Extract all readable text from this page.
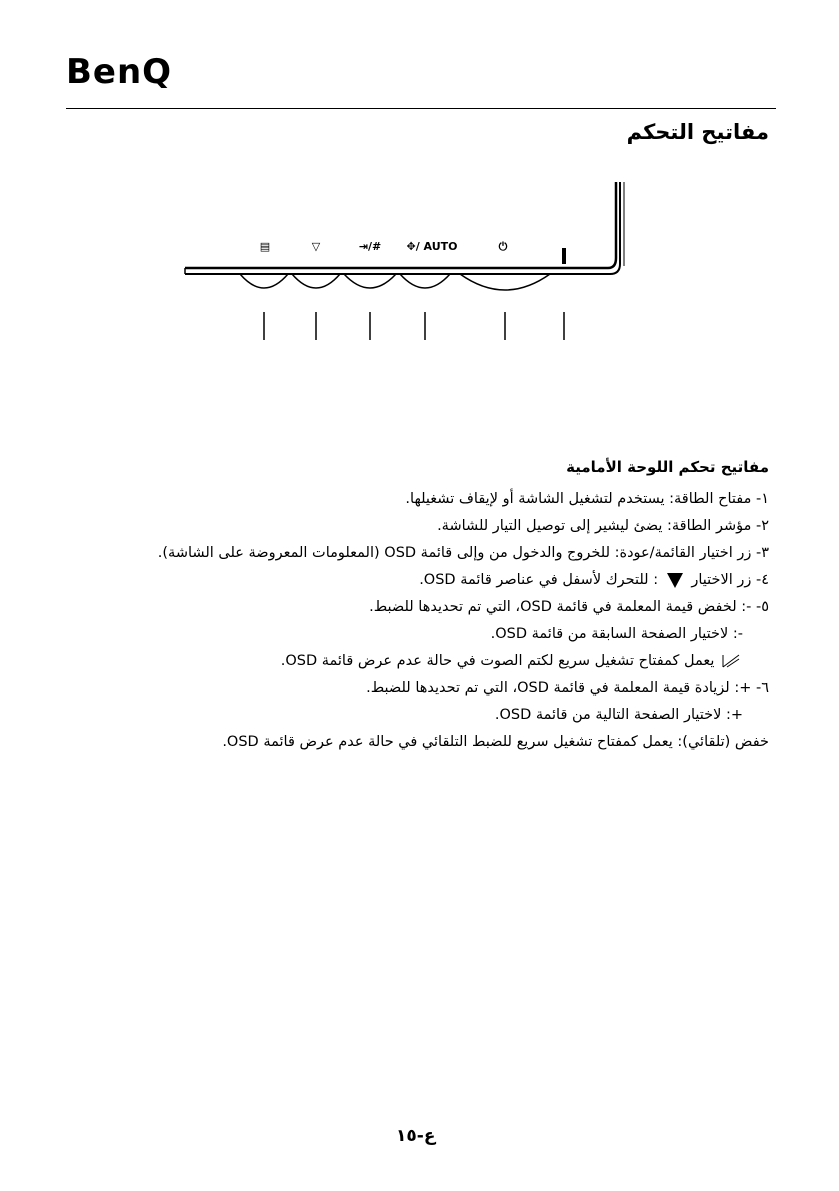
BenQ
مفاتيح التحكم
▤	▽	⇥/# ✥/ AUTO	⏻
مفاتيح تحكم اللوحة الأمامية
١- مفتاح الطاقة: يستخدم لتشغيل الشاشة أو لإيقاف تشغيلها.
٢- مؤشر الطاقة: يضئ ليشير إلى توصيل التيار للشاشة.
٣- زر اختيار القائمة/عودة: للخروج والدخول من وإلى قائمة OSD (المعلومات المعروضة على الشاشة).
٤- زر الاختيار  : للتحرك لأسفل في عناصر قائمة OSD.
٥- -: لخفض قيمة المعلمة في قائمة OSD، التي تم تحديدها للضبط.
-: لاختيار الصفحة السابقة من قائمة OSD.
يعمل كمفتاح تشغيل سريع لكتم الصوت في حالة عدم عرض قائمة OSD.
٦- +: لزيادة قيمة المعلمة في قائمة OSD، التي تم تحديدها للضبط.
+: لاختيار الصفحة التالية من قائمة OSD.
خفض (تلقائي): يعمل كمفتاح تشغيل سريع للضبط التلقائي في حالة عدم عرض قائمة OSD.
ع-١٥
